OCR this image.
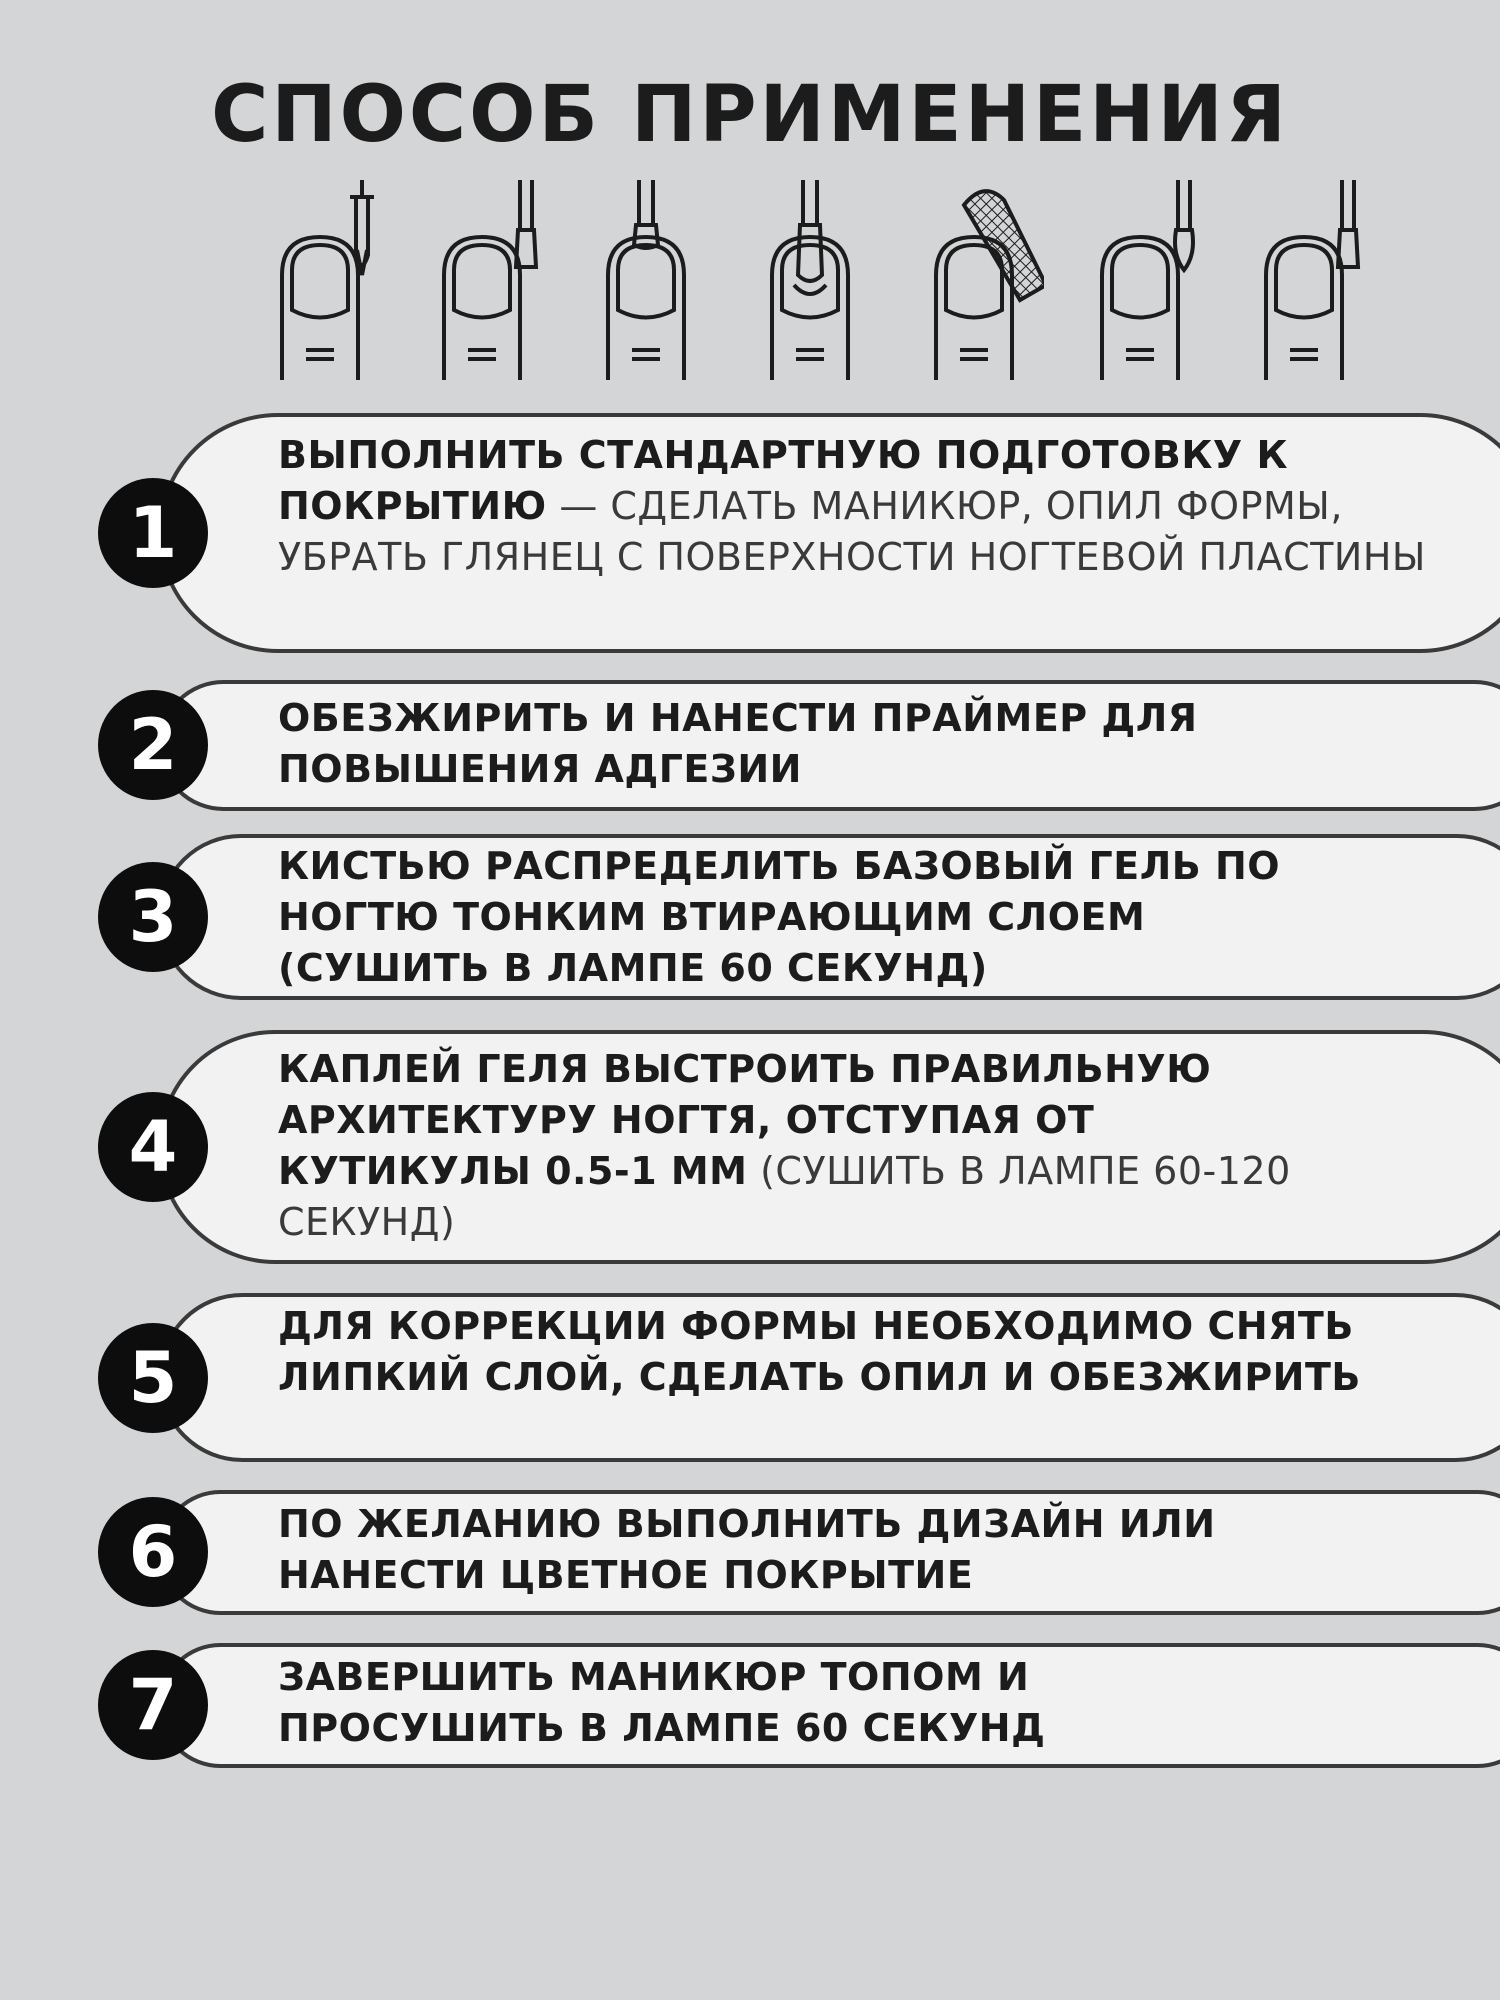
СПОСОБ ПРИМЕНЕНИЯ
1
ВЫПОЛНИТЬ СТАНДАРТНУЮ ПОДГОТОВКУ К ПОКРЫТИЮ — СДЕЛАТЬ МАНИКЮР, ОПИЛ ФОРМЫ, УБРАТЬ ГЛЯНЕЦ С ПОВЕРХНОСТИ НОГТЕВОЙ ПЛАСТИНЫ
2	ОБЕЗЖИРИТЬ И НАНЕСТИ ПРАЙМЕР ДЛЯ ПОВЫШЕНИЯ АДГЕЗИИ
3
КИСТЬЮ РАСПРЕДЕЛИТЬ БАЗОВЫЙ ГЕЛЬ ПО НОГТЮ ТОНКИМ ВТИРАЮЩИМ СЛОЕМ (СУШИТЬ В ЛАМПЕ 60 СЕКУНД)
4
КАПЛЕЙ ГЕЛЯ ВЫСТРОИТЬ ПРАВИЛЬНУЮ АРХИТЕКТУРУ НОГТЯ, ОТСТУПАЯ ОТ КУТИКУЛЫ 0.5-1 ММ (СУШИТЬ В ЛАМПЕ 60-120 СЕКУНД)
5
ДЛЯ КОРРЕКЦИИ ФОРМЫ НЕОБХОДИМО СНЯТЬ ЛИПКИЙ СЛОЙ, СДЕЛАТЬ ОПИЛ И ОБЕЗЖИРИТЬ
6	ПО ЖЕЛАНИЮ ВЫПОЛНИТЬ ДИЗАЙН ИЛИ НАНЕСТИ ЦВЕТНОЕ ПОКРЫТИЕ
7	ЗАВЕРШИТЬ МАНИКЮР ТОПОМ И ПРОСУШИТЬ В ЛАМПЕ 60 СЕКУНД
